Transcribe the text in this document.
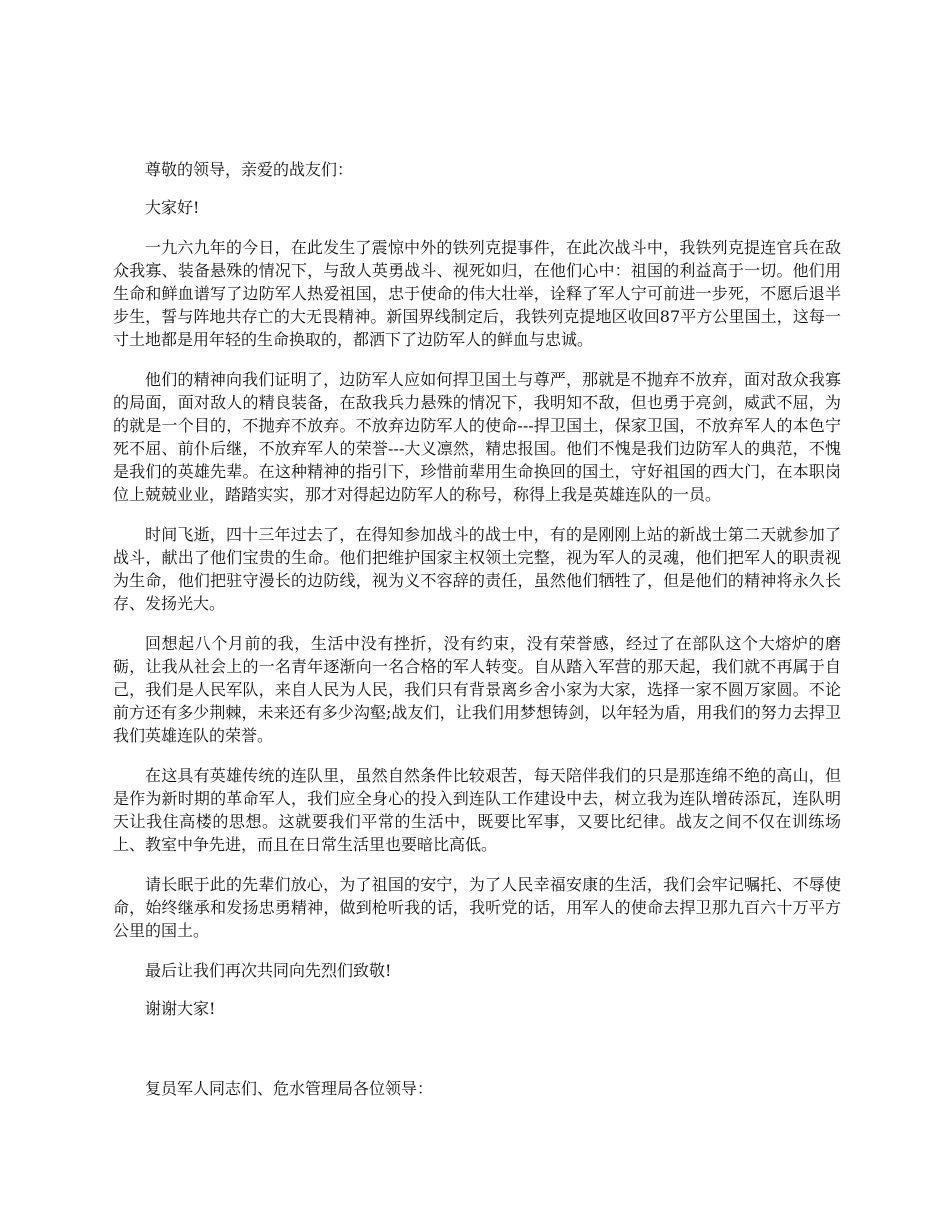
尊敬的领导，亲爱的战友们：

大家好!

一九六九年的今日，在此发生了震惊中外的铁列克提事件，在此次战斗中，我铁列克提连官兵在敌众我寡、装备悬殊的情况下，与敌人英勇战斗、视死如归，在他们心中：祖国的利益高于一切。他们用生命和鲜血谱写了边防军人热爱祖国，忠于使命的伟大壮举，诠释了军人宁可前进一步死，不愿后退半步生，誓与阵地共存亡的大无畏精神。新国界线制定后，我铁列克提地区收回87平方公里国土，这每一寸土地都是用年轻的生命换取的，都洒下了边防军人的鲜血与忠诚。

他们的精神向我们证明了，边防军人应如何捍卫国土与尊严，那就是不抛弃不放弃，面对敌众我寡的局面，面对敌人的精良装备，在敌我兵力悬殊的情况下，我明知不敌，但也勇于亮剑，威武不屈，为的就是一个目的，不抛弃不放弃。不放弃边防军人的使命---捍卫国土，保家卫国，不放弃军人的本色宁死不屈、前仆后继，不放弃军人的荣誉---大义凛然，精忠报国。他们不愧是我们边防军人的典范，不愧是我们的英雄先辈。在这种精神的指引下，珍惜前辈用生命换回的国土，守好祖国的西大门，在本职岗位上兢兢业业，踏踏实实，那才对得起边防军人的称号，称得上我是英雄连队的一员。

时间飞逝，四十三年过去了，在得知参加战斗的战士中，有的是刚刚上站的新战士第二天就参加了战斗，献出了他们宝贵的生命。他们把维护国家主权领土完整，视为军人的灵魂，他们把军人的职责视为生命，他们把驻守漫长的边防线，视为义不容辞的责任，虽然他们牺牲了，但是他们的精神将永久长存、发扬光大。

回想起八个月前的我，生活中没有挫折，没有约束，没有荣誉感，经过了在部队这个大熔炉的磨砺，让我从社会上的一名青年逐渐向一名合格的军人转变。自从踏入军营的那天起，我们就不再属于自己，我们是人民军队，来自人民为人民，我们只有背景离乡舍小家为大家，选择一家不圆万家圆。不论前方还有多少荆棘，未来还有多少沟壑;战友们，让我们用梦想铸剑，以年轻为盾，用我们的努力去捍卫我们英雄连队的荣誉。

在这具有英雄传统的连队里，虽然自然条件比较艰苦，每天陪伴我们的只是那连绵不绝的高山，但是作为新时期的革命军人，我们应全身心的投入到连队工作建设中去，树立我为连队增砖添瓦，连队明天让我住高楼的思想。这就要我们平常的生活中，既要比军事，又要比纪律。战友之间不仅在训练场上、教室中争先进，而且在日常生活里也要暗比高低。

请长眠于此的先辈们放心，为了祖国的安宁，为了人民幸福安康的生活，我们会牢记嘱托、不辱使命，始终继承和发扬忠勇精神，做到枪听我的话，我听党的话，用军人的使命去捍卫那九百六十万平方公里的国土。

最后让我们再次共同向先烈们致敬!

谢谢大家!

复员军人同志们、危水管理局各位领导：
